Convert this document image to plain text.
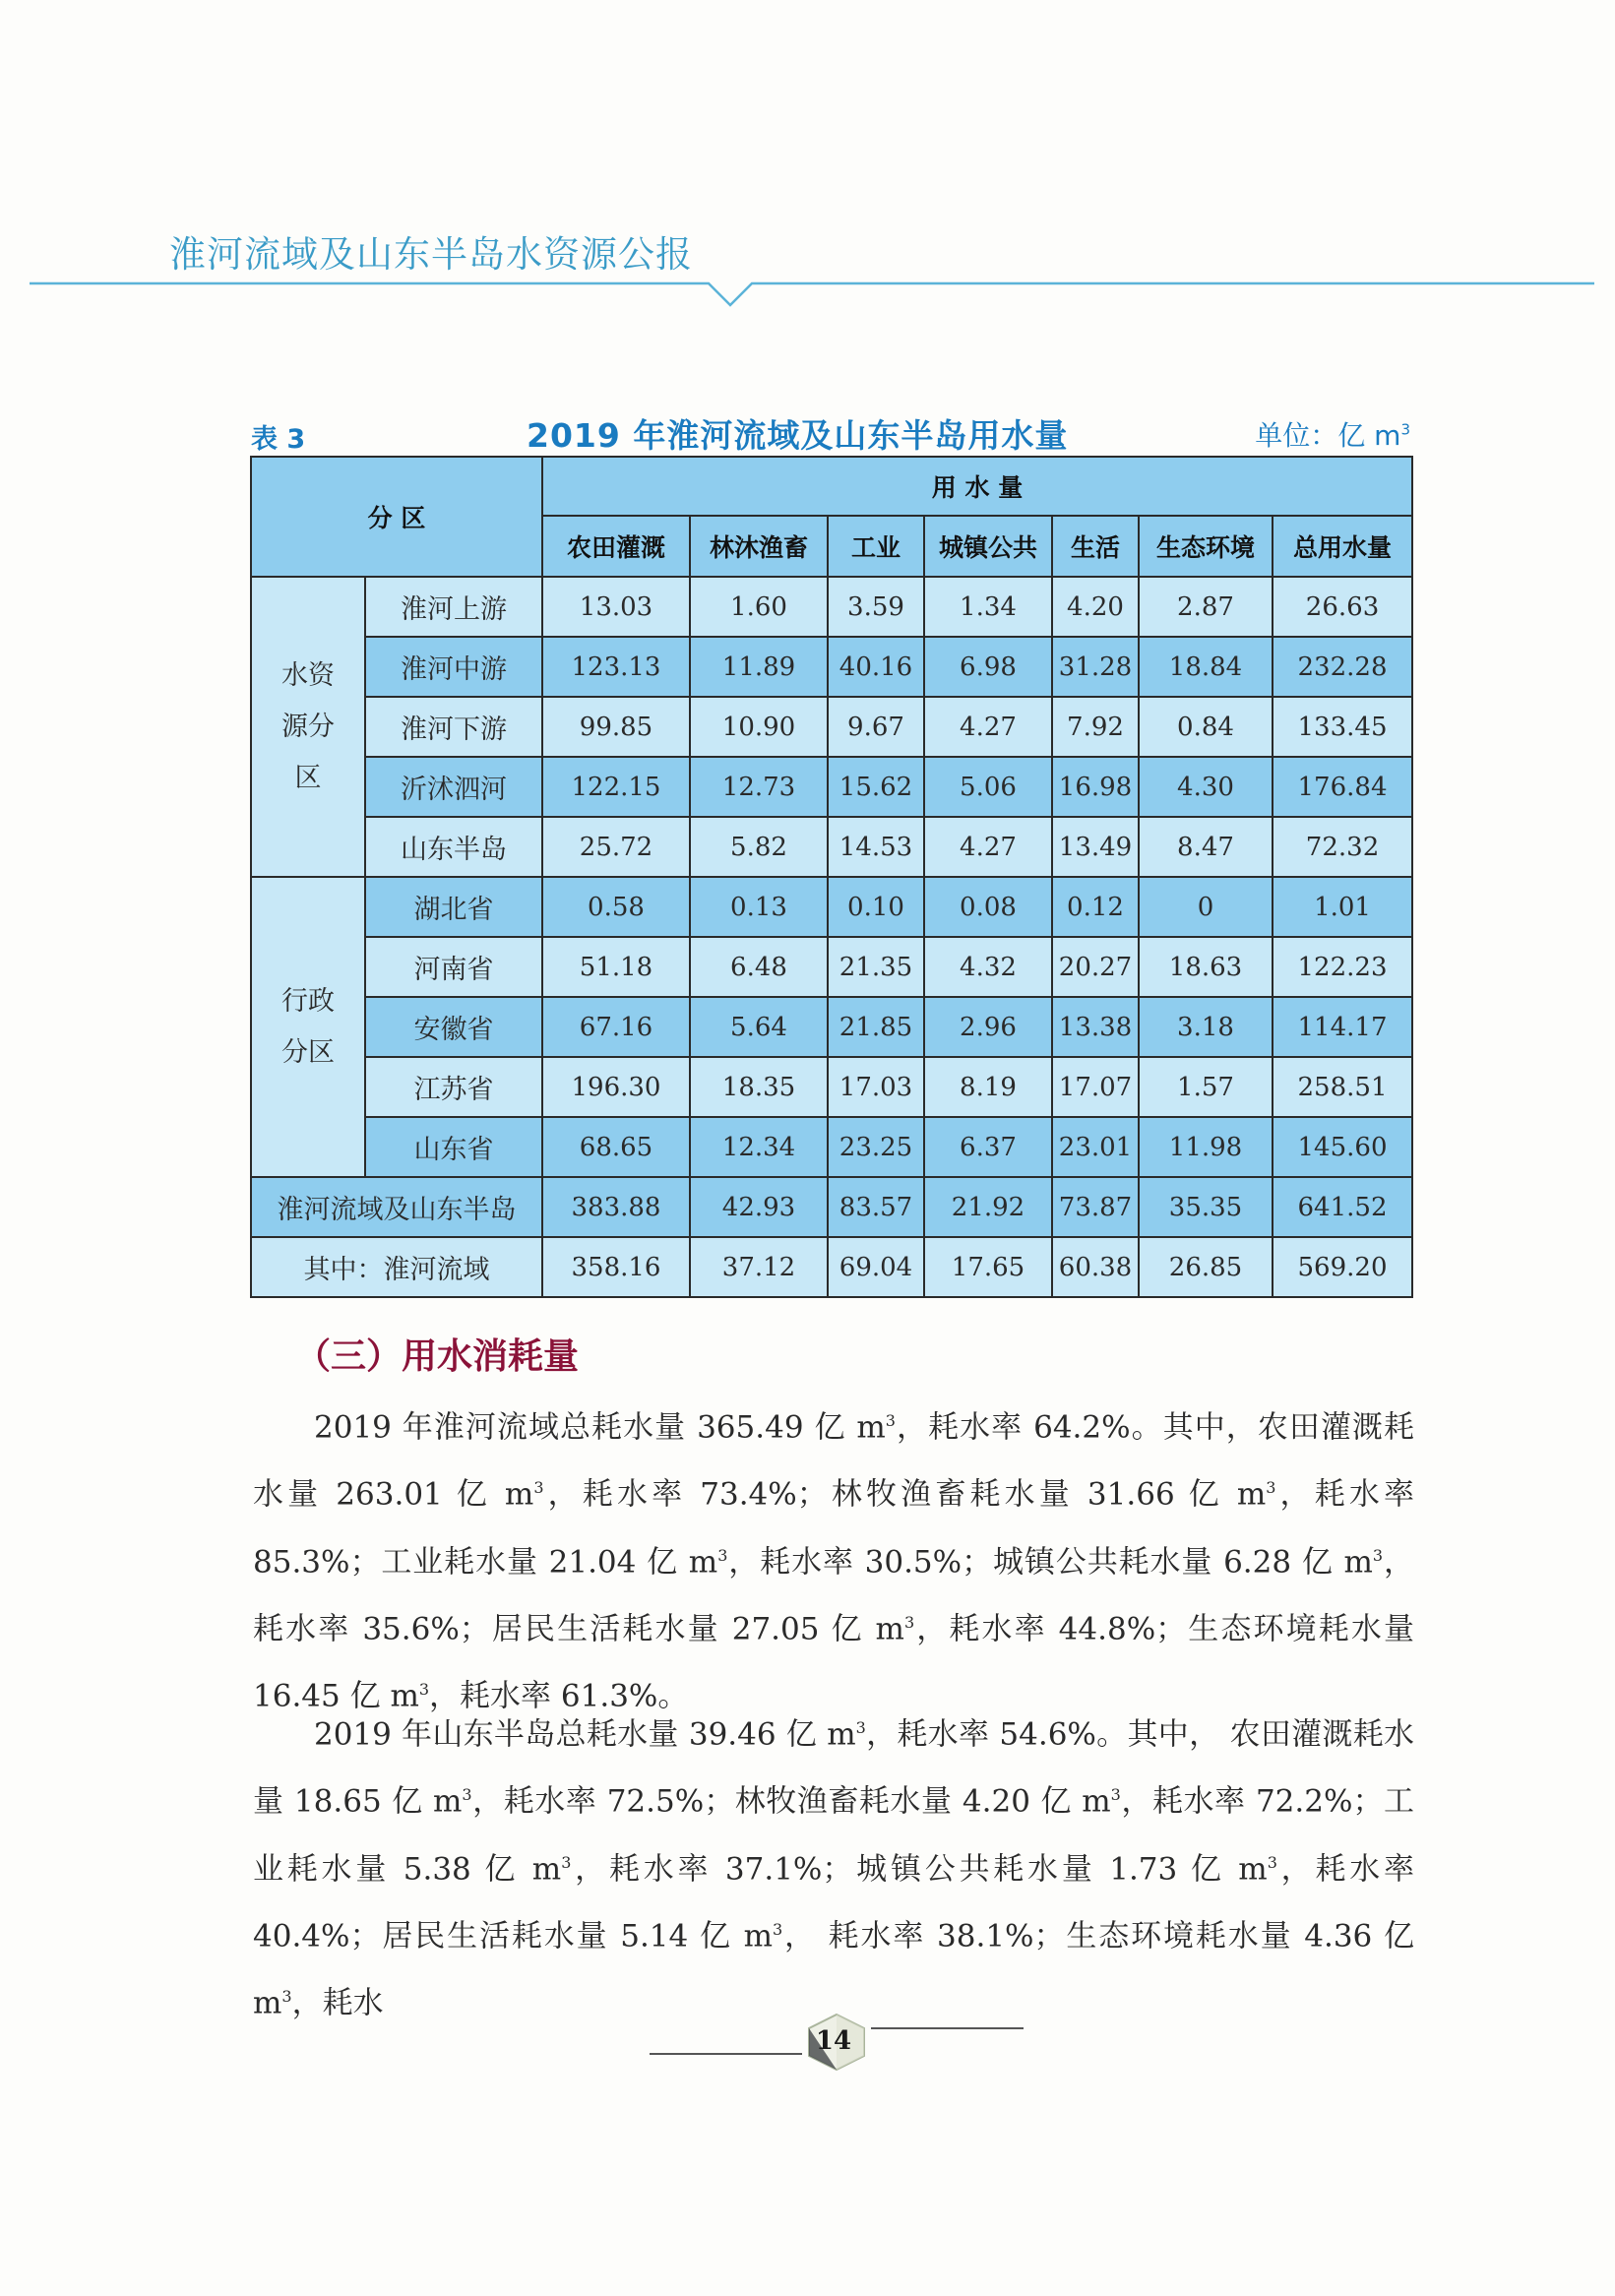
淮河流域及山东半岛水资源公报
表 3	2019 年淮河流域及山东半岛用水量	单位：亿 $m^3$
分 区		用 水 量						
		农田灌溉	林沐渔畜	工业	城镇公共	生活	生态环境	总用水量
水资源分区	淮河上游	13.03	1.60	3.59	1.34	4.20	2.87	26.63
	淮河中游	123.13	11.89	40.16	6.98	31.28	18.84	232.28
	淮河下游	99.85	10.90	9.67	4.27	7.92	0.84	133.45
	沂沭泗河	122.15	12.73	15.62	5.06	16.98	4.30	176.84
	山东半岛	25.72	5.82	14.53	4.27	13.49	8.47	72.32
行政分区	湖北省	0.58	0.13	0.10	0.08	0.12	0	1.01
	河南省	51.18	6.48	21.35	4.32	20.27	18.63	122.23
	安徽省	67.16	5.64	21.85	2.96	13.38	3.18	114.17
	江苏省	196.30	18.35	17.03	8.19	17.07	1.57	258.51
	山东省	68.65	12.34	23.25	6.37	23.01	11.98	145.60
淮河流域及山东半岛		383.88	42.93	83.57	21.92	73.87	35.35	641.52
其中：淮河流域		358.16	37.12	69.04	17.65	60.38	26.85	569.20
（三）用水消耗量
2019 年淮河流域总耗水量 365.49 亿 $m^3$，耗水率 64.2%。其中，农田灌溉耗水量 263.01 亿 $m^3$，耗水率 73.4%；林牧渔畜耗水量 31.66 亿 $m^3$，耗水率 85.3%；工业耗水量 21.04 亿 $m^3$，耗水率 30.5%；城镇公共耗水量 6.28 亿 $m^3$，耗水率 35.6%；居民生活耗水量 27.05 亿 $m^3$，耗水率 44.8%；生态环境耗水量 16.45 亿 $m^3$，耗水率 61.3%。
2019 年山东半岛总耗水量 39.46 亿 $m^3$，耗水率 54.6%。其中， 农田灌溉耗水量 18.65 亿 $m^3$，耗水率 72.5%；林牧渔畜耗水量 4.20 亿 $m^3$，耗水率 72.2%；工业耗水量 5.38 亿 $m^3$，耗水率 37.1%；城镇公共耗水量 1.73 亿 $m^3$，耗水率 40.4%；居民生活耗水量 5.14 亿 $m^3$， 耗水率 38.1%；生态环境耗水量 4.36 亿 $m^3$，耗水
14
